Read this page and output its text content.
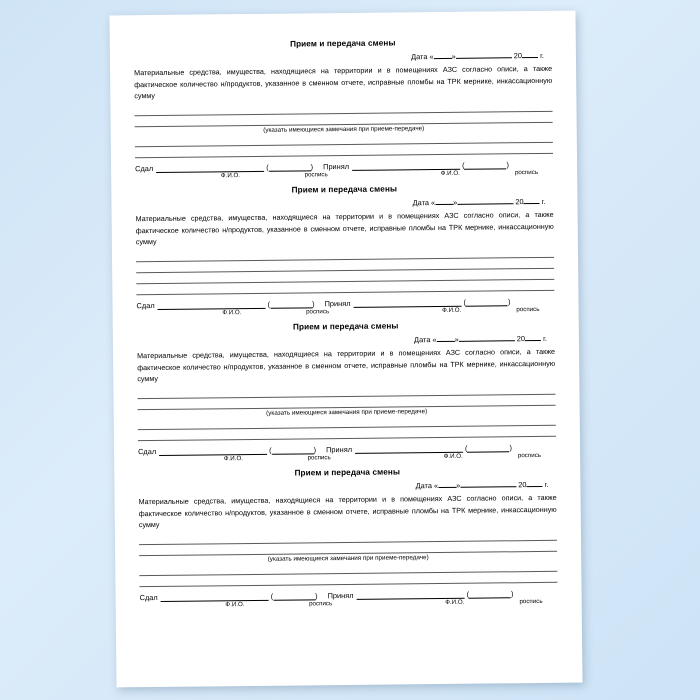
Прием и передача смены
Дата « »	20 г.

Материальные средства, имущества, находящиеся на территории и в помещениях АЗС согласно описи, а также фактическое количество н/продуктов, указанное в сменном отчете, исправные пломбы на ТРК мернике, инкассационную сумму

(указать имеющиеся замечания при приеме-передаче)
Сдал	(	)	Принял	(	)
Ф.И.О.	роспись	Ф.И.О.	роспись
Прием и передача смены
Дата « »	20 г.

Материальные средства, имущества, находящиеся на территории и в помещениях АЗС согласно описи, а также фактическое количество н/продуктов, указанное в сменном отчете, исправные пломбы на ТРК мернике, инкассационную сумму

Сдал	(	)	Принял	(	)
Ф.И.О.	роспись	Ф.И.О.	роспись
Прием и передача смены
Дата « »	20 г.

Материальные средства, имущества, находящиеся на территории и в помещениях АЗС согласно описи, а также фактическое количество н/продуктов, указанное в сменном отчете, исправные пломбы на ТРК мернике, инкассационную сумму

(указать имеющиеся замечания при приеме-передаче)
Сдал	(	)	Принял	(	)
Ф.И.О.	роспись	Ф.И.О.	роспись
Прием и передача смены
Дата « »	20 г.

Материальные средства, имущества, находящиеся на территории и в помещениях АЗС согласно описи, а также фактическое количество н/продуктов, указанное в сменном отчете, исправные пломбы на ТРК мернике, инкассационную сумму

(указать имеющиеся замечания при приеме-передаче)
Сдал	(	)	Принял	(	)
Ф.И.О.	роспись	Ф.И.О.	роспись
